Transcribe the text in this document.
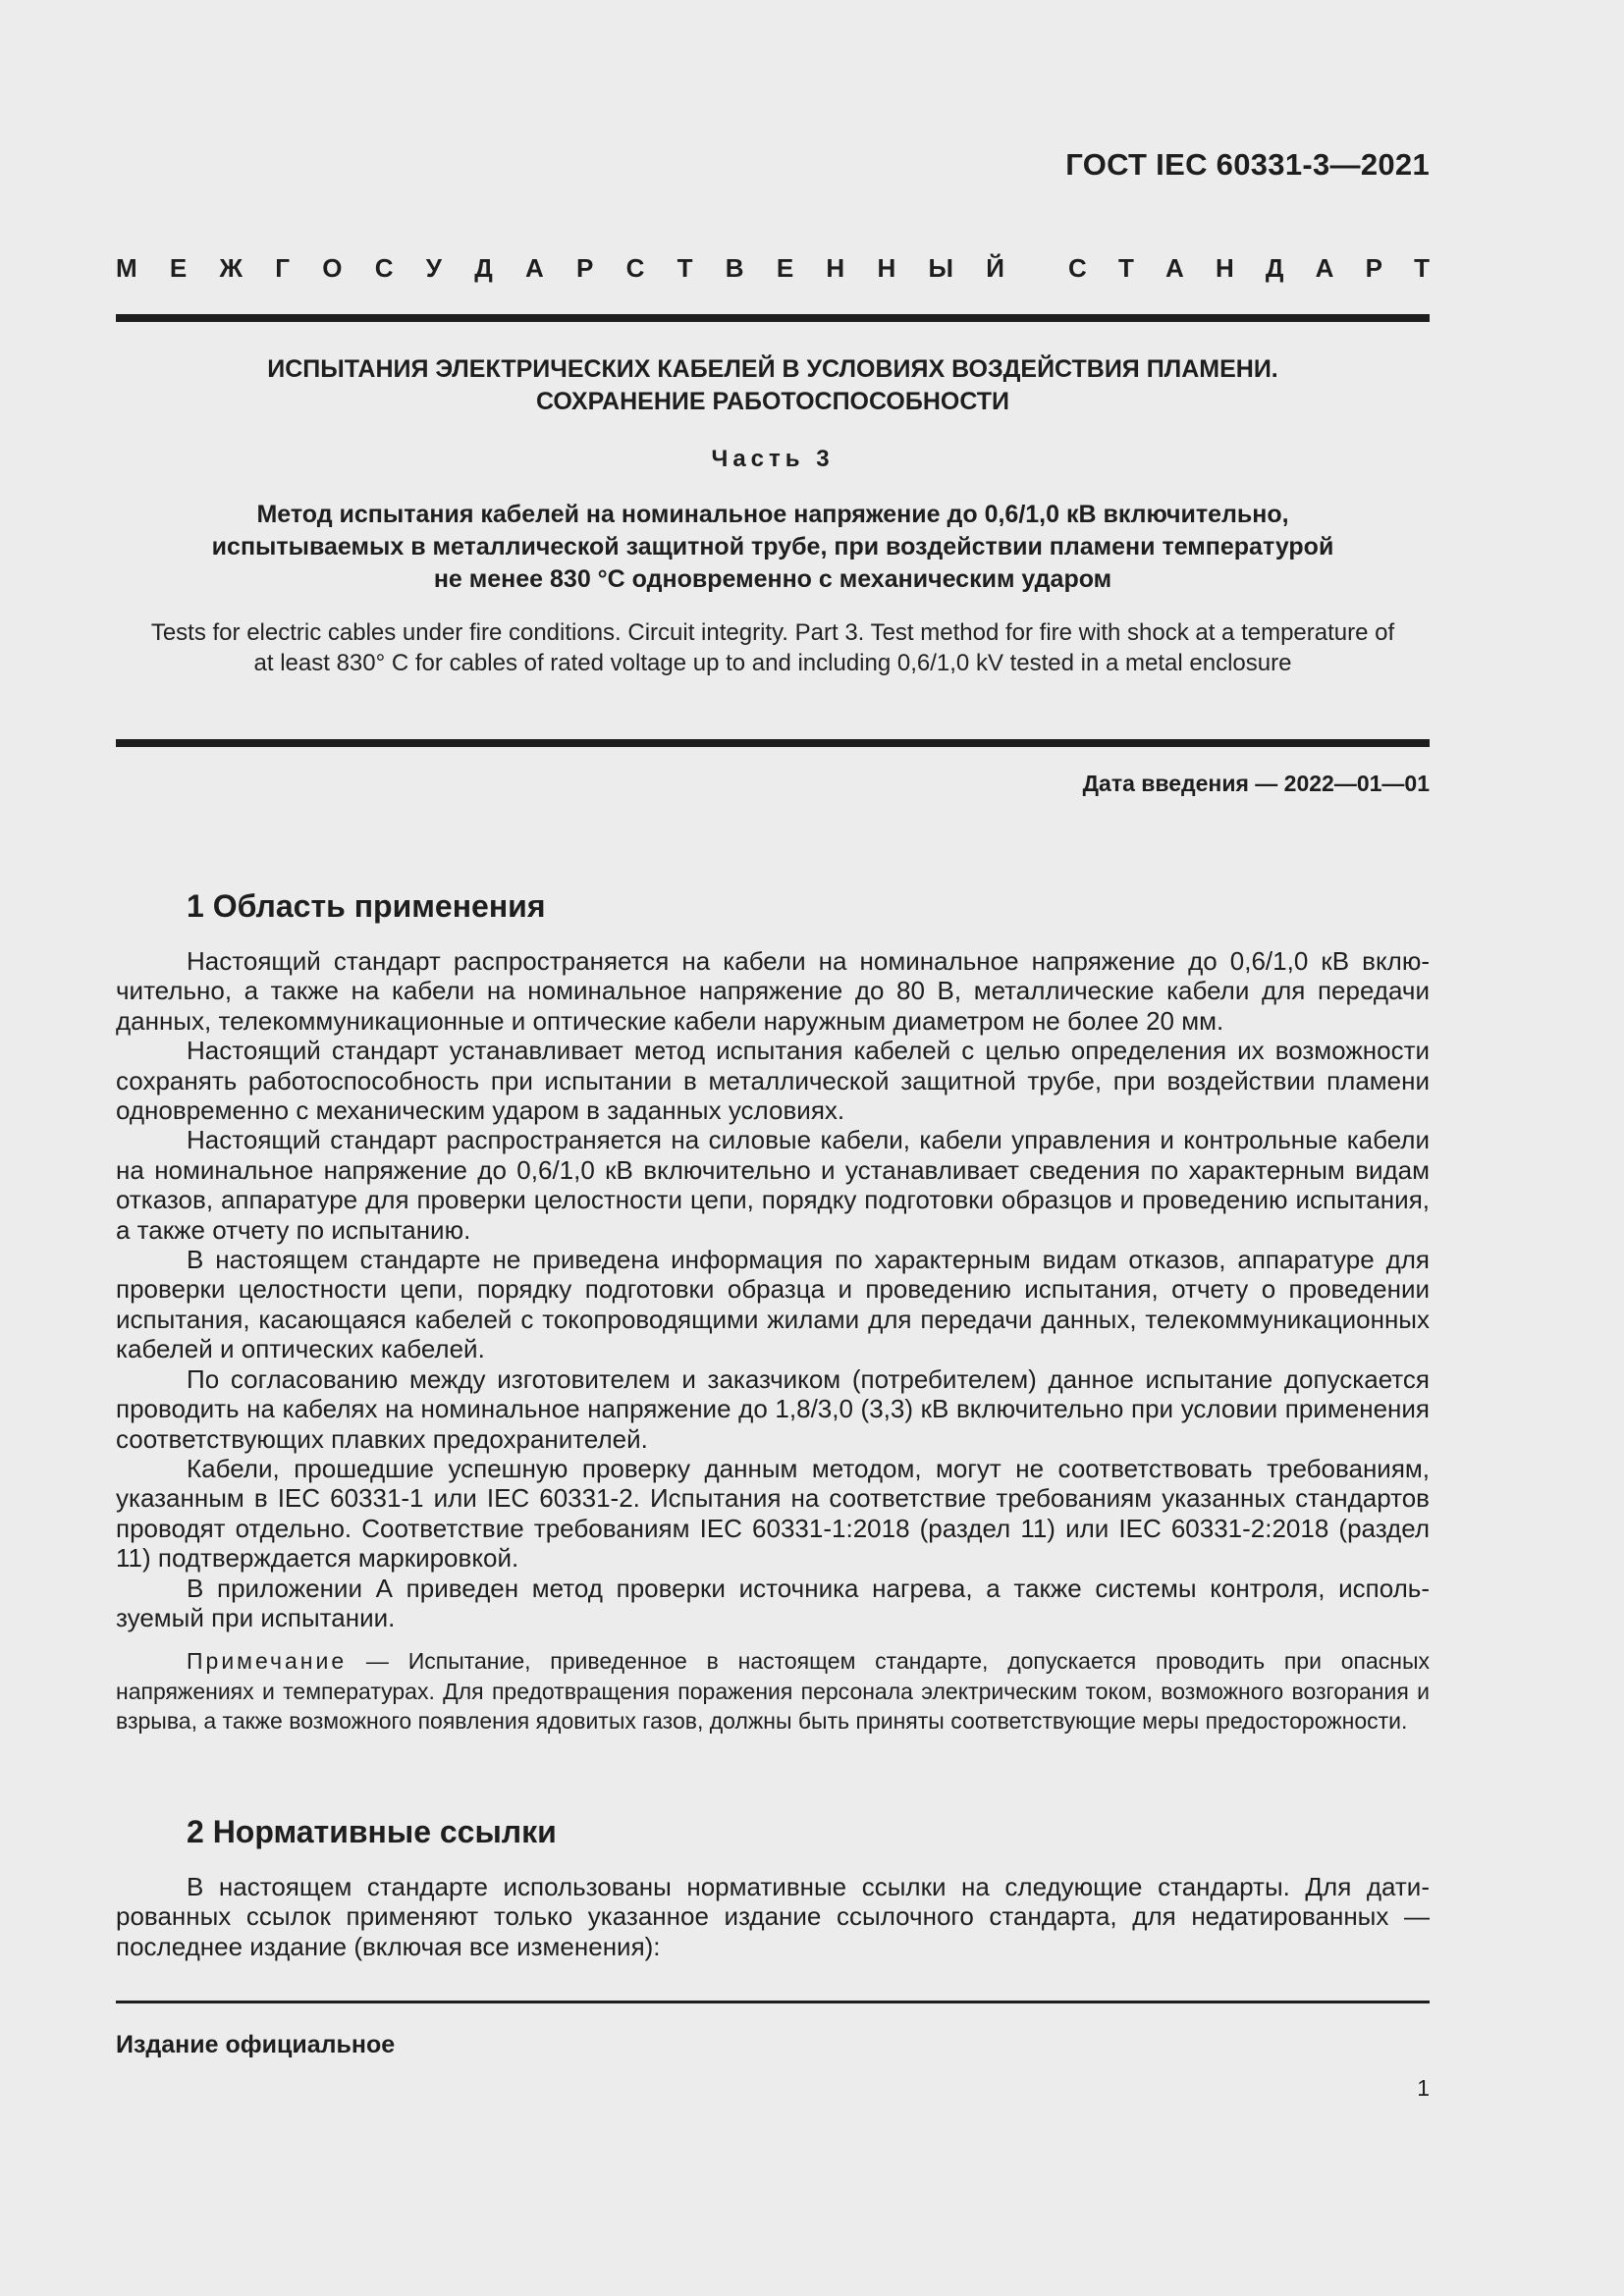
ГОСТ IEC 60331-3—2021
М Е Ж Г О С У Д А Р С Т В Е Н Н Ы Й	С Т А Н Д А Р Т
ИСПЫТАНИЯ ЭЛЕКТРИЧЕСКИХ КАБЕЛЕЙ В УСЛОВИЯХ ВОЗДЕЙСТВИЯ ПЛАМЕНИ.
СОХРАНЕНИЕ РАБОТОСПОСОБНОСТИ
Часть 3
Метод испытания кабелей на номинальное напряжение до 0,6/1,0 кВ включительно,
испытываемых в металлической защитной трубе, при воздействии пламени температурой
не менее 830 °С одновременно с механическим ударом
Tests for electric cables under fire conditions. Circuit integrity. Part 3. Test method for fire with shock at a temperature of
at least 830° C for cables of rated voltage up to and including 0,6/1,0 kV tested in a metal enclosure
Дата введения — 2022—01—01
1 Область применения

Настоящий стандарт распространяется на кабели на номинальное напряжение до 0,6/1,0 кВ включительно, а также на кабели на номинальное напряжение до 80 В, металлические кабели для передачи данных, телекоммуникационные и оптические кабели наружным диаметром не более 20 мм.

Настоящий стандарт устанавливает метод испытания кабелей с целью определения их возможности сохранять работоспособность при испытании в металлической защитной трубе, при воздействии пламени одновременно с механическим ударом в заданных условиях.

Настоящий стандарт распространяется на силовые кабели, кабели управления и контрольные кабели на номинальное напряжение до 0,6/1,0 кВ включительно и устанавливает сведения по характерным видам отказов, аппаратуре для проверки целостности цепи, порядку подготовки образцов и проведению испытания, а также отчету по испытанию.

В настоящем стандарте не приведена информация по характерным видам отказов, аппаратуре для проверки целостности цепи, порядку подготовки образца и проведению испытания, отчету о проведении испытания, касающаяся кабелей с токопроводящими жилами для передачи данных, телекоммуникационных кабелей и оптических кабелей.

По согласованию между изготовителем и заказчиком (потребителем) данное испытание допускается проводить на кабелях на номинальное напряжение до 1,8/3,0 (3,3) кВ включительно при условии применения соответствующих плавких предохранителей.

Кабели, прошедшие успешную проверку данным методом, могут не соответствовать требованиям, указанным в IEC 60331-1 или IEC 60331-2. Испытания на соответствие требованиям указанных стандартов проводят отдельно. Соответствие требованиям IEC 60331-1:2018 (раздел 11) или IEC 60331-2:2018 (раздел 11) подтверждается маркировкой.

В приложении А приведен метод проверки источника нагрева, а также системы контроля, используемый при испытании.

Примечание — Испытание, приведенное в настоящем стандарте, допускается проводить при опасных напряжениях и температурах. Для предотвращения поражения персонала электрическим током, возможного возгорания и взрыва, а также возможного появления ядовитых газов, должны быть приняты соответствующие меры предосторожности.

2 Нормативные ссылки

В настоящем стандарте использованы нормативные ссылки на следующие стандарты. Для датированных ссылок применяют только указанное издание ссылочного стандарта, для недатированных — последнее издание (включая все изменения):

Издание официальное
1
